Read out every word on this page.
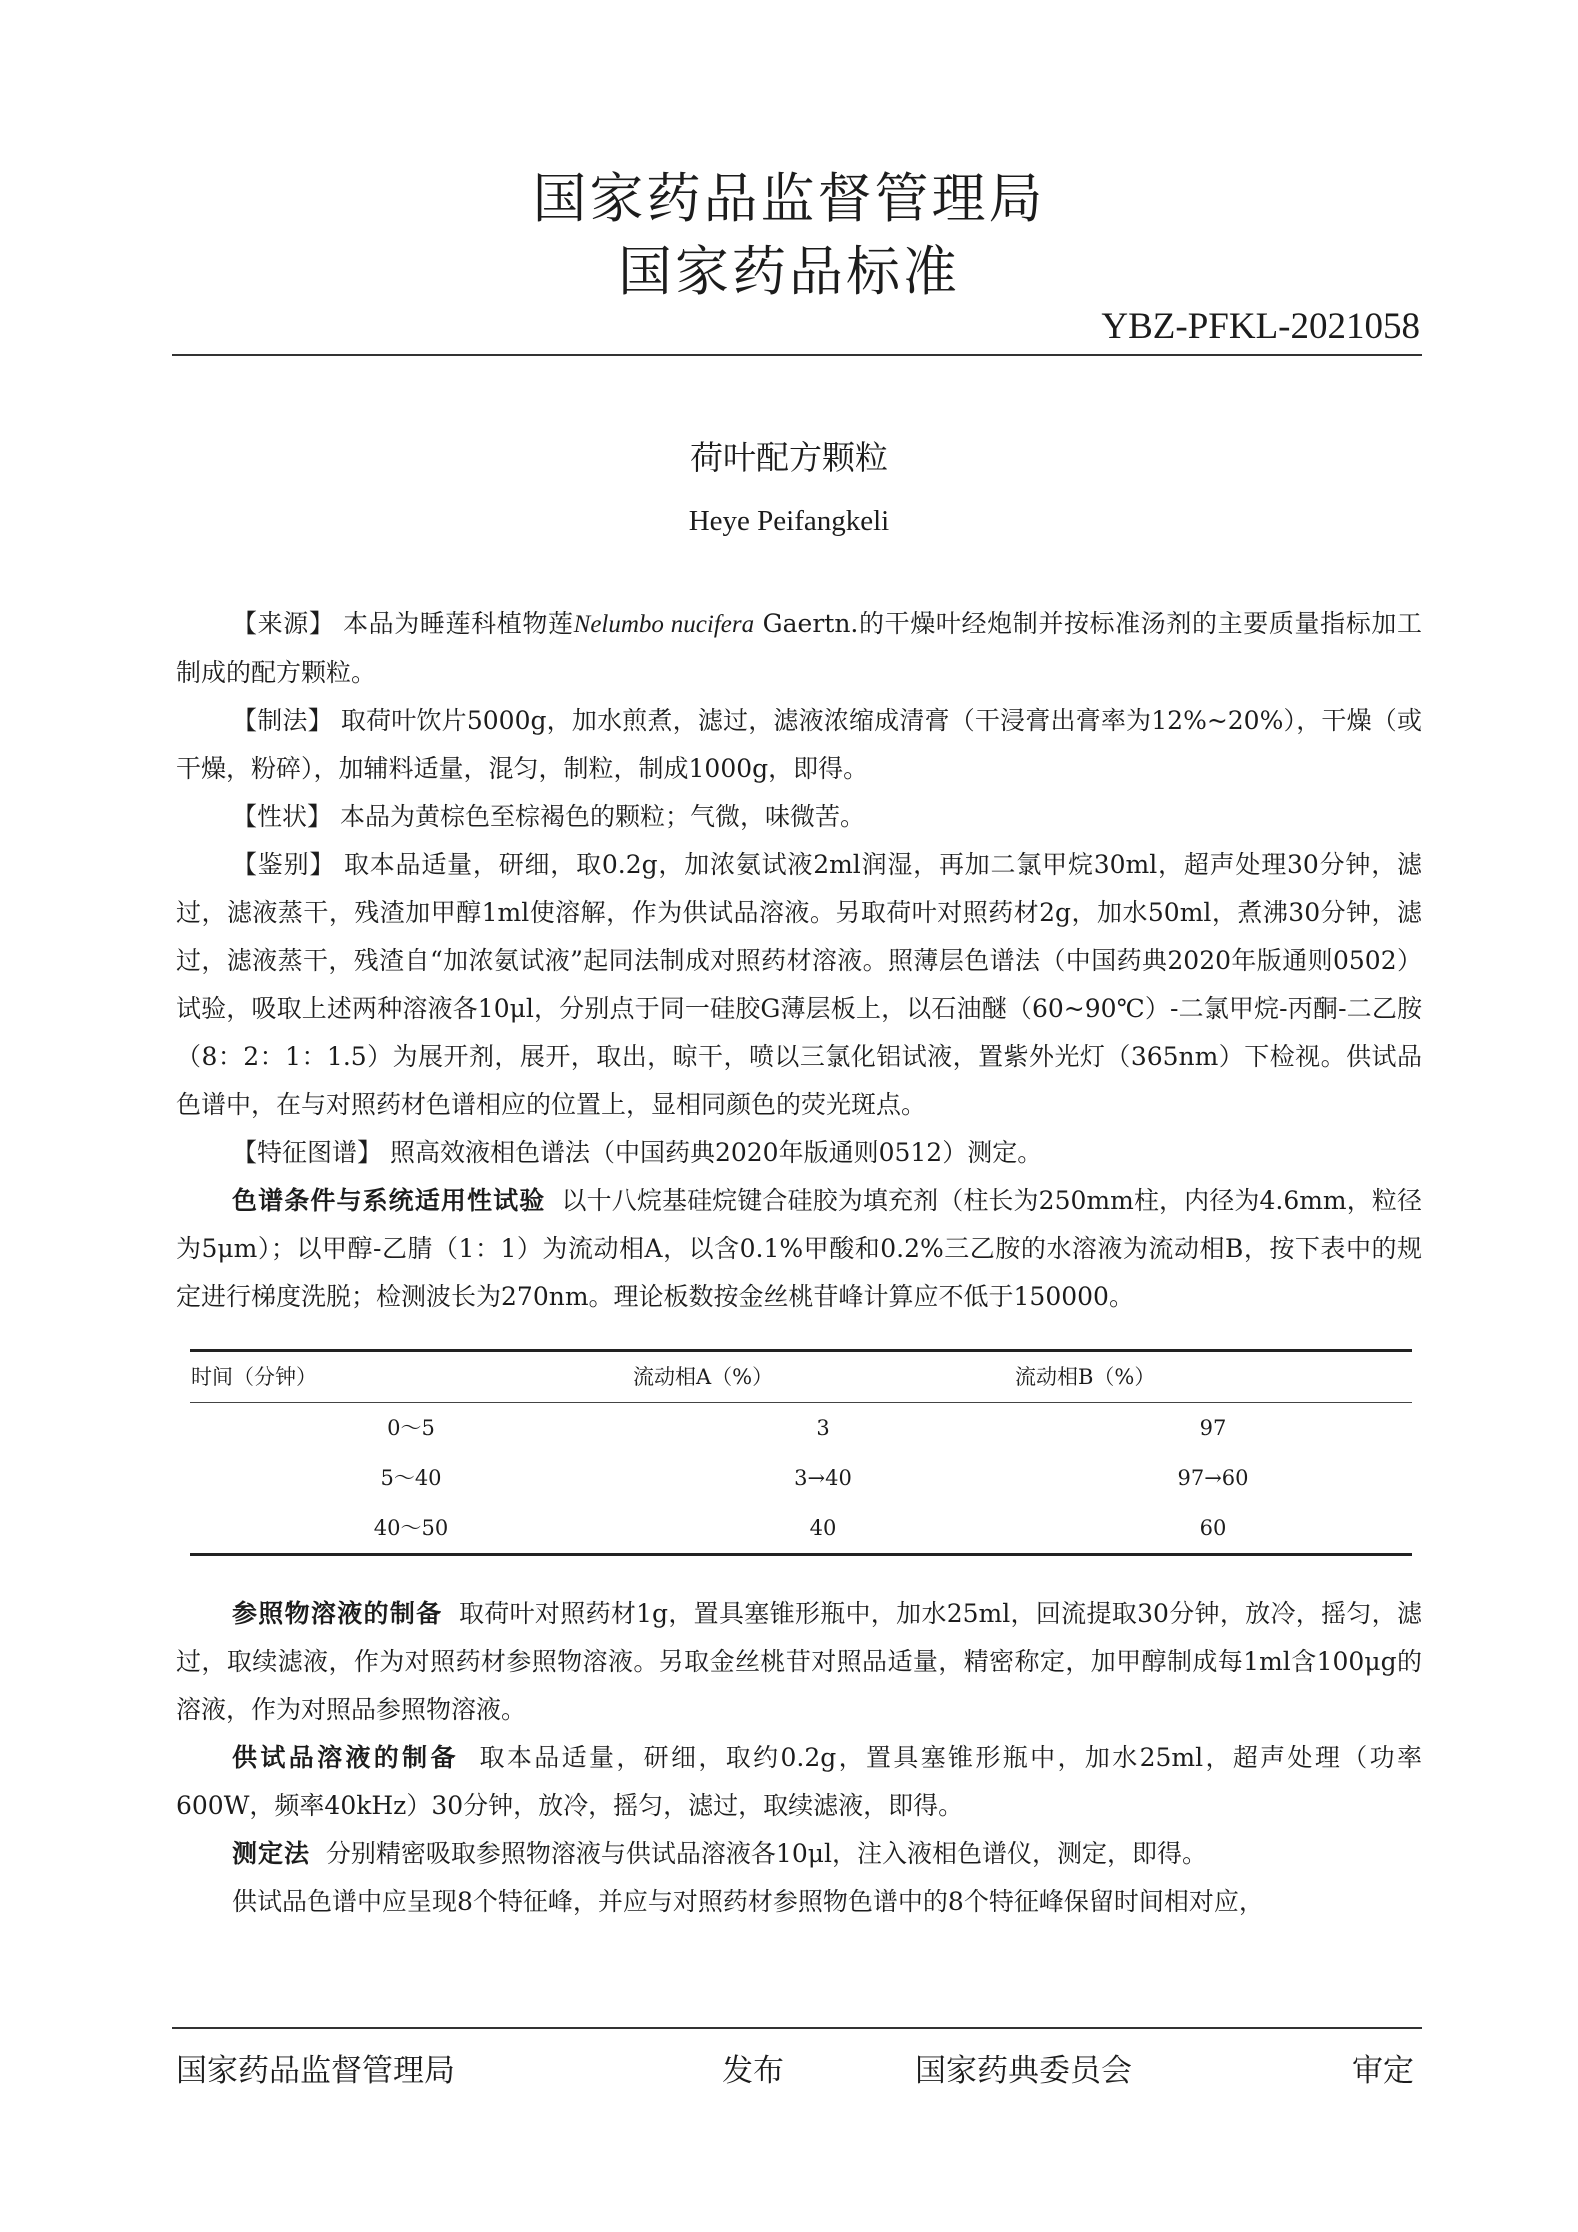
国家药品监督管理局
国家药品标准
YBZ-PFKL-2021058
荷叶配方颗粒
Heye Peifangkeli

【来源】 本品为睡莲科植物莲Nelumbo nucifera Gaertn.的干燥叶经炮制并按标准汤剂的主要质量指标加工制成的配方颗粒。

【制法】 取荷叶饮片5000g，加水煎煮，滤过，滤液浓缩成清膏（干浸膏出膏率为12%~20%），干燥（或干燥，粉碎），加辅料适量，混匀，制粒，制成1000g，即得。

【性状】 本品为黄棕色至棕褐色的颗粒；气微，味微苦。

【鉴别】 取本品适量，研细，取0.2g，加浓氨试液2ml润湿，再加二氯甲烷30ml，超声处理30分钟，滤过，滤液蒸干，残渣加甲醇1ml使溶解，作为供试品溶液。另取荷叶对照药材2g，加水50ml，煮沸30分钟，滤过，滤液蒸干，残渣自“加浓氨试液”起同法制成对照药材溶液。照薄层色谱法（中国药典2020年版通则0502）试验，吸取上述两种溶液各10μl，分别点于同一硅胶G薄层板上，以石油醚（60~90℃）-二氯甲烷-丙酮-二乙胺（8：2：1：1.5）为展开剂，展开，取出，晾干，喷以三氯化铝试液，置紫外光灯（365nm）下检视。供试品色谱中，在与对照药材色谱相应的位置上，显相同颜色的荧光斑点。

【特征图谱】 照高效液相色谱法（中国药典2020年版通则0512）测定。

色谱条件与系统适用性试验 以十八烷基硅烷键合硅胶为填充剂（柱长为250mm柱，内径为4.6mm，粒径为5μm）；以甲醇-乙腈（1：1）为流动相A，以含0.1%甲酸和0.2%三乙胺的水溶液为流动相B，按下表中的规定进行梯度洗脱；检测波长为270nm。理论板数按金丝桃苷峰计算应不低于150000。

时间（分钟）	流动相A（%）	流动相B（%）
0～5	3	97
5～40	3→40	97→60
40～50	40	60

参照物溶液的制备 取荷叶对照药材1g，置具塞锥形瓶中，加水25ml，回流提取30分钟，放冷，摇匀，滤过，取续滤液，作为对照药材参照物溶液。另取金丝桃苷对照品适量，精密称定，加甲醇制成每1ml含100μg的溶液，作为对照品参照物溶液。

供试品溶液的制备 取本品适量，研细，取约0.2g，置具塞锥形瓶中，加水25ml，超声处理（功率600W，频率40kHz）30分钟，放冷，摇匀，滤过，取续滤液，即得。

测定法 分别精密吸取参照物溶液与供试品溶液各10μl，注入液相色谱仪，测定，即得。

供试品色谱中应呈现8个特征峰，并应与对照药材参照物色谱中的8个特征峰保留时间相对应，

国家药品监督管理局	发布	国家药典委员会	审定
